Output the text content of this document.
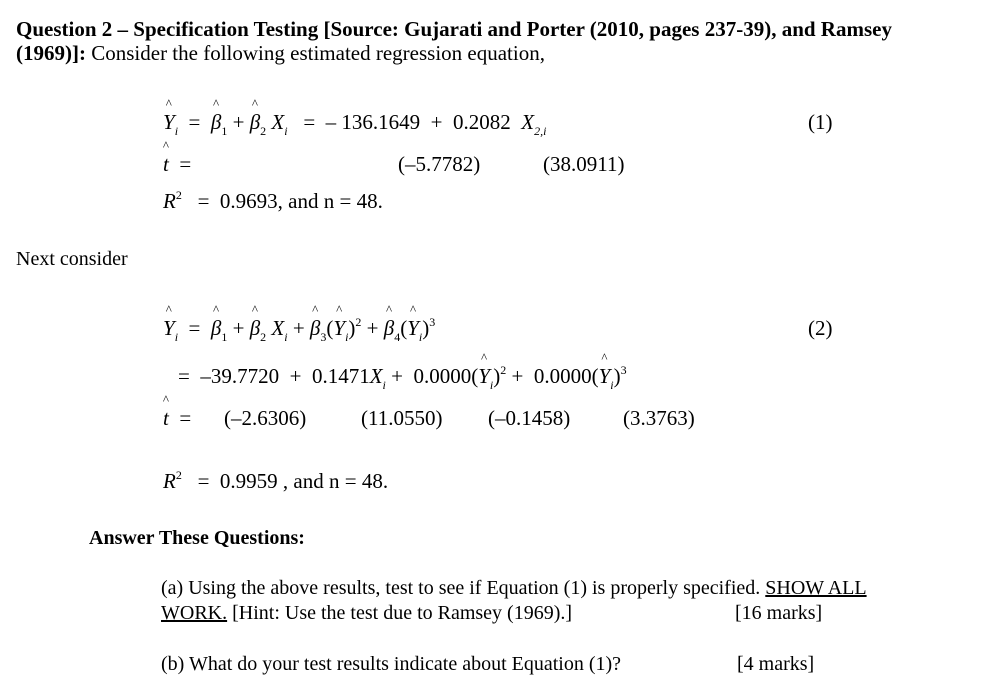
Question 2 – Specification Testing [Source: Gujarati and Porter (2010, pages 237-39), and Ramsey
(1969)]: Consider the following estimated regression equation,
^ $Y_i$  =  ^ $\beta_1$ + ^ $\beta_2$ $X_i$   =  – 136.1649  +  0.2082 $X_{2,i}$	(1)
^ t  =	(–5.7782)	(38.0911)
$R^2 = 0.9693$, and n = 48.
Next consider
^ $Y_i$  =  ^ $\beta_1$ + ^ $\beta_2$ $X_i$ + ^ $\beta_3(\^{}$ $Y_i)^2$ + ^ $\beta_4(\^{}$ $Y_i)^3$	(2)
=  $-39.7720 + 0.1471X_i$ +  0.0000(^ $Y_i)^2$ +  0.0000(^ $Y_i)^3$
^ t  = (–2.6306)	(11.0550) (–0.1458)	(3.3763)
$R^2 = 0.9959$ , and n = 48.
Answer These Questions:
(a) Using the above results, test to see if Equation (1) is properly specified. SHOW ALL
WORK. [Hint: Use the test due to Ramsey (1969).]	[16 marks]
(b) What do your test results indicate about Equation (1)?	[4 marks]
